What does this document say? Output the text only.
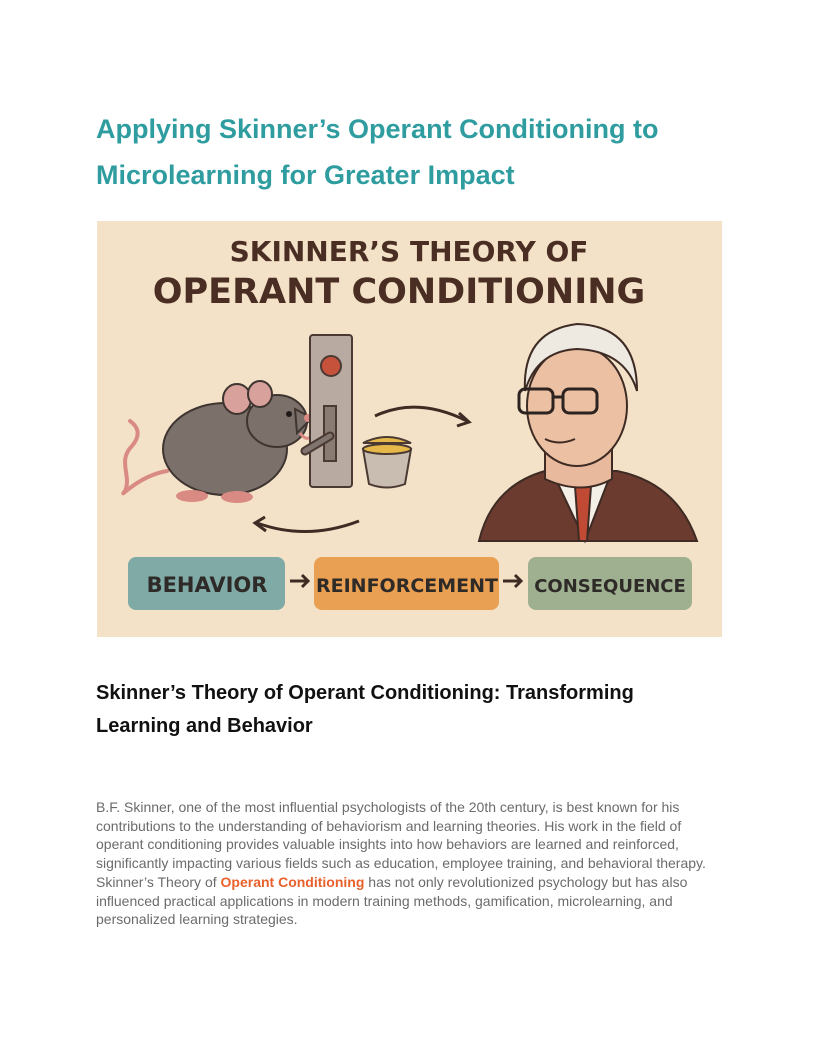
Applying Skinner’s Operant Conditioning to Microlearning for Greater Impact
SKINNER’S THEORY OF
OPERANT CONDITIONING
BEHAVIOR	REINFORCEMENT CONSEQUENCE
Skinner’s Theory of Operant Conditioning: Transforming Learning and Behavior

B.F. Skinner, one of the most influential psychologists of the 20th century, is best known for his contributions to the understanding of behaviorism and learning theories. His work in the field of operant conditioning provides valuable insights into how behaviors are learned and reinforced, significantly impacting various fields such as education, employee training, and behavioral therapy. Skinner’s Theory of Operant Conditioning has not only revolutionized psychology but has also influenced practical applications in modern training methods, gamification, microlearning, and personalized learning strategies.
